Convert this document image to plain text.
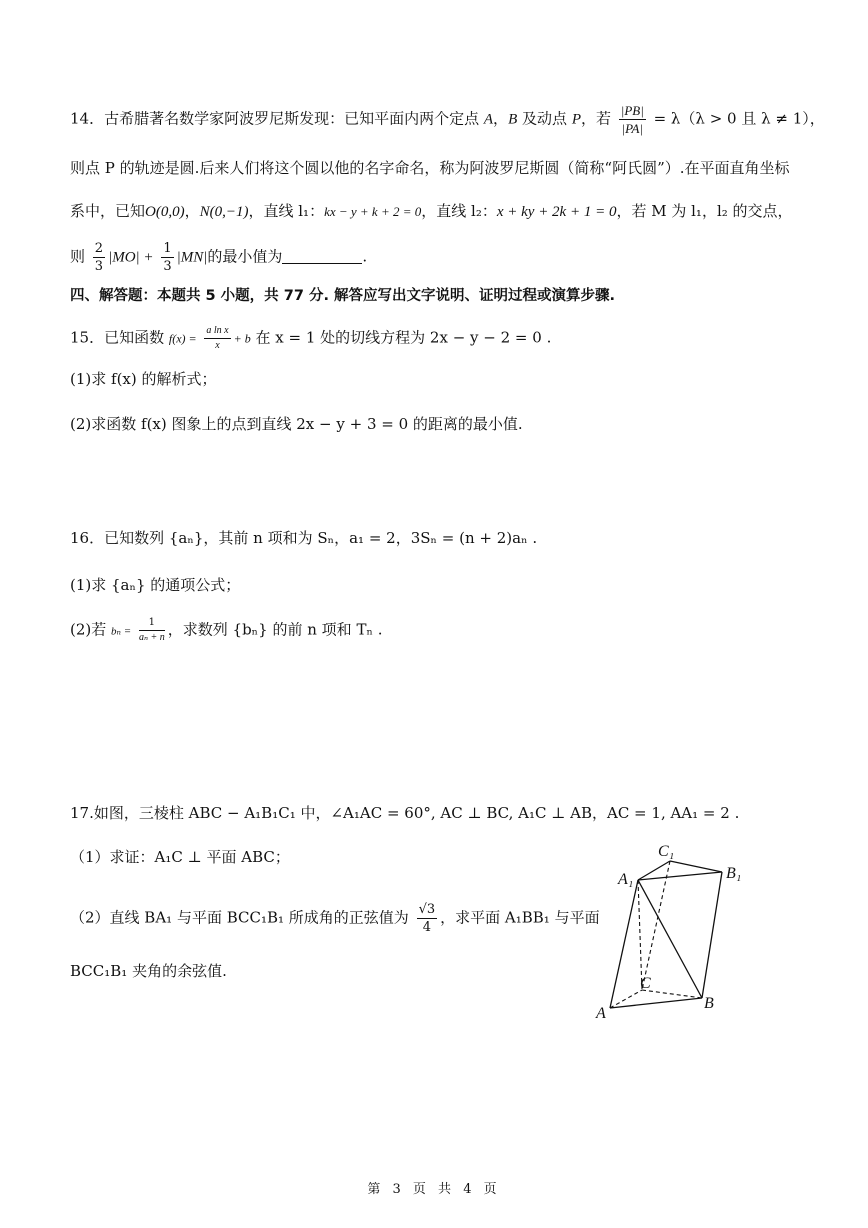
14．古希腊著名数学家阿波罗尼斯发现：已知平面内两个定点 A，B 及动点 P，若 $\frac{|PB|}{|PA|} = \lambda(\lambda > 0$ 且 λ ≠ 1），
则点 P 的轨迹是圆.后来人们将这个圆以他的名字命名，称为阿波罗尼斯圆（简称“阿氏圆”）.在平面直角坐标
系中，已知O(0,0)，N(0,−1)，直线 l₁：kx − y + k + 2 = 0，直线 l₂：x + ky + 2k + 1 = 0，若 M 为 l₁，l₂ 的交点，
则 $\frac{2}{3} |MO| + \frac{1}{3} |MN|$的最小值为	.
四、解答题：本题共 5 小题，共 77 分. 解答应写出文字说明、证明过程或演算步骤.
15．已知函数 $f(x) = \frac{\text{a ln x}}{x} + b$ 在 x = 1 处的切线方程为 2x − y − 2 = 0 .
(1)求 f(x) 的解析式；
(2)求函数 f(x) 图象上的点到直线 2x − y + 3 = 0 的距离的最小值.
16．已知数列 {aₙ}，其前 n 项和为 Sₙ，a₁ = 2，3Sₙ = (n + 2)aₙ .
(1)求 {aₙ} 的通项公式；
(2)若 $b_n = \frac{1}{\text{aₙ + n}}$ ，求数列 {bₙ} 的前 n 项和 Tₙ .
17.如图，三棱柱 ABC − A₁B₁C₁ 中，∠A₁AC = 60°, AC ⊥ BC, A₁C ⊥ AB，AC = 1, AA₁ = 2 .
（1）求证：A₁C ⊥ 平面 ABC；
（2）直线 BA₁ 与平面 BCC₁B₁ 所成角的正弦值为 $\frac{√3}{4}$ ，求平面 A₁BB₁ 与平面
BCC₁B₁ 夹角的余弦值.
A
B
C
A₁	B₁
C₁
第 3 页 共 4 页
